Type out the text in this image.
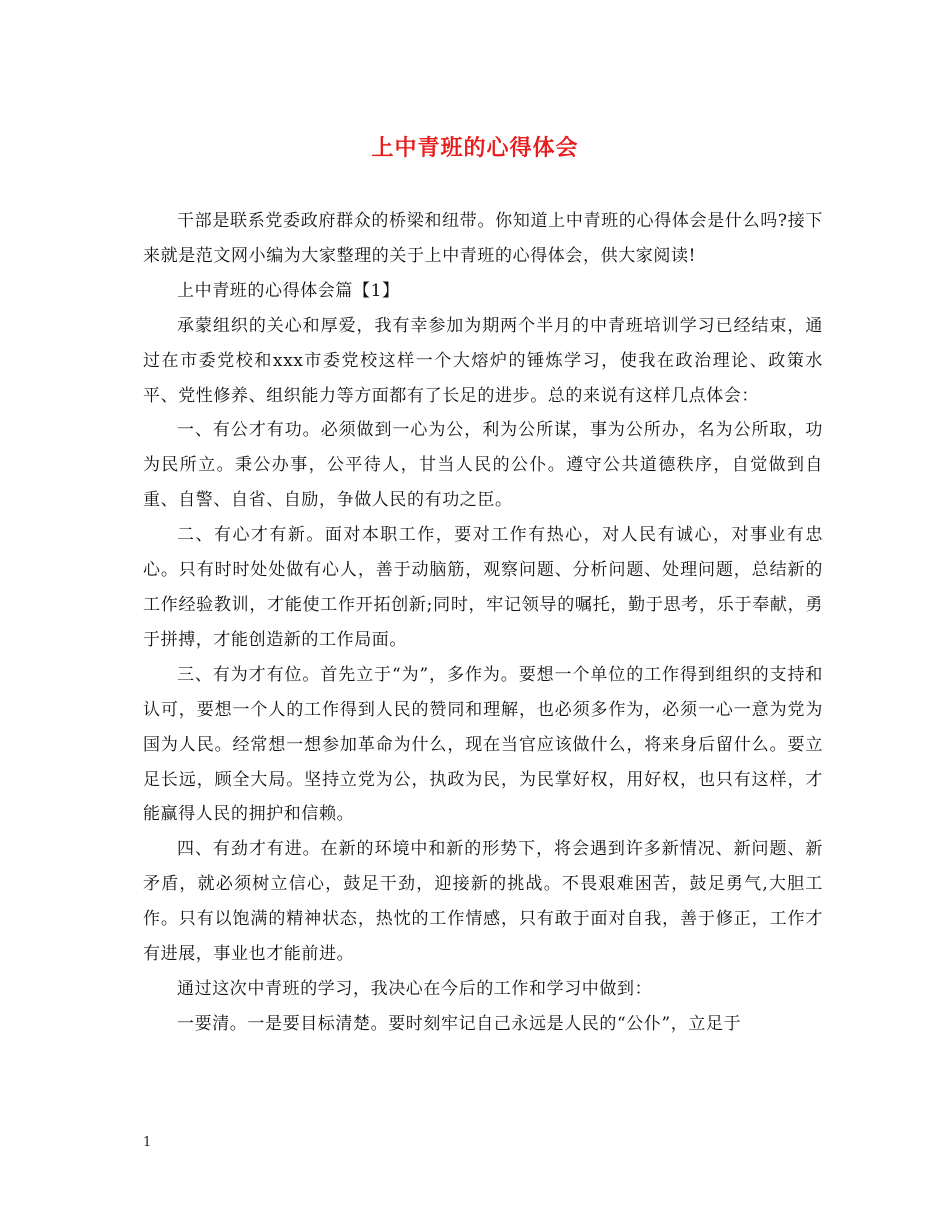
上中青班的心得体会

干部是联系党委政府群众的桥梁和纽带。你知道上中青班的心得体会是什么吗?接下来就是范文网小编为大家整理的关于上中青班的心得体会，供大家阅读!

上中青班的心得体会篇【1】

承蒙组织的关心和厚爱，我有幸参加为期两个半月的中青班培训学习已经结束，通过在市委党校和xxx市委党校这样一个大熔炉的锤炼学习，使我在政治理论、政策水平、党性修养、组织能力等方面都有了长足的进步。总的来说有这样几点体会：

一、有公才有功。必须做到一心为公，利为公所谋，事为公所办，名为公所取，功为民所立。秉公办事，公平待人，甘当人民的公仆。遵守公共道德秩序，自觉做到自重、自警、自省、自励，争做人民的有功之臣。

二、有心才有新。面对本职工作，要对工作有热心，对人民有诚心，对事业有忠心。只有时时处处做有心人，善于动脑筋，观察问题、分析问题、处理问题，总结新的工作经验教训，才能使工作开拓创新;同时，牢记领导的嘱托，勤于思考，乐于奉献，勇于拼搏，才能创造新的工作局面。

三、有为才有位。首先立于“为”，多作为。要想一个单位的工作得到组织的支持和认可，要想一个人的工作得到人民的赞同和理解，也必须多作为，必须一心一意为党为国为人民。经常想一想参加革命为什么，现在当官应该做什么，将来身后留什么。要立足长远，顾全大局。坚持立党为公，执政为民，为民掌好权，用好权，也只有这样，才能赢得人民的拥护和信赖。

四、有劲才有进。在新的环境中和新的形势下，将会遇到许多新情况、新问题、新矛盾，就必须树立信心，鼓足干劲，迎接新的挑战。不畏艰难困苦，鼓足勇气,大胆工作。只有以饱满的精神状态，热忱的工作情感，只有敢于面对自我，善于修正，工作才有进展，事业也才能前进。

通过这次中青班的学习，我决心在今后的工作和学习中做到：

一要清。一是要目标清楚。要时刻牢记自己永远是人民的“公仆”，立足于

1
